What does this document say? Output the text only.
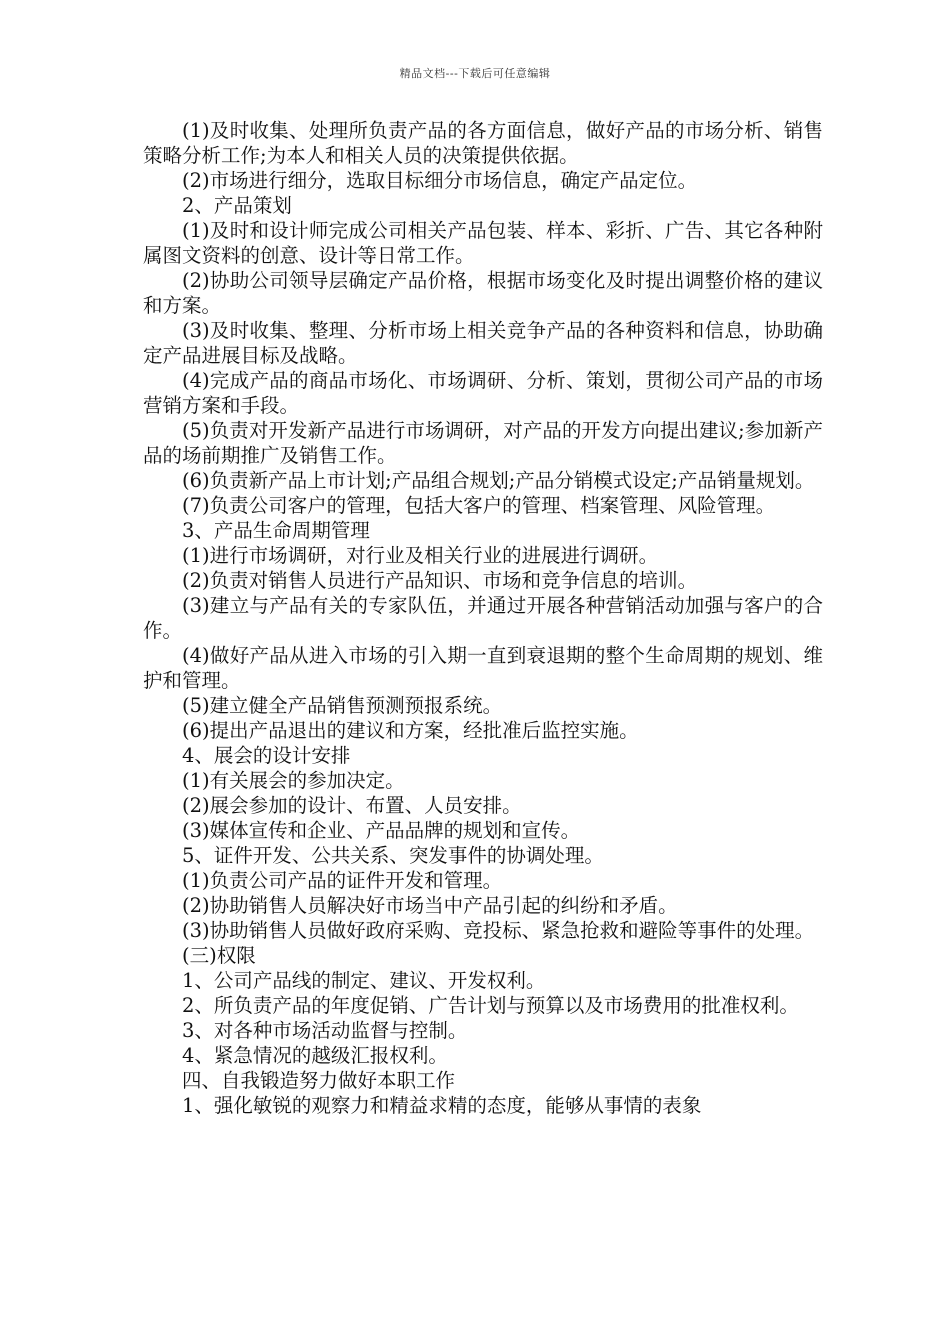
精品文档---下载后可任意编辑

(1)及时收集、处理所负责产品的各方面信息，做好产品的市场分析、销售策略分析工作;为本人和相关人员的决策提供依据。

(2)市场进行细分，选取目标细分市场信息，确定产品定位。

2、产品策划

(1)及时和设计师完成公司相关产品包装、样本、彩折、广告、其它各种附属图文资料的创意、设计等日常工作。

(2)协助公司领导层确定产品价格，根据市场变化及时提出调整价格的建议和方案。

(3)及时收集、整理、分析市场上相关竞争产品的各种资料和信息，协助确定产品进展目标及战略。

(4)完成产品的商品市场化、市场调研、分析、策划，贯彻公司产品的市场营销方案和手段。

(5)负责对开发新产品进行市场调研，对产品的开发方向提出建议;参加新产品的场前期推广及销售工作。

(6)负责新产品上市计划;产品组合规划;产品分销模式设定;产品销量规划。

(7)负责公司客户的管理，包括大客户的管理、档案管理、风险管理。

3、产品生命周期管理

(1)进行市场调研，对行业及相关行业的进展进行调研。

(2)负责对销售人员进行产品知识、市场和竞争信息的培训。

(3)建立与产品有关的专家队伍，并通过开展各种营销活动加强与客户的合作。

(4)做好产品从进入市场的引入期一直到衰退期的整个生命周期的规划、维护和管理。

(5)建立健全产品销售预测预报系统。

(6)提出产品退出的建议和方案，经批准后监控实施。

4、展会的设计安排

(1)有关展会的参加决定。

(2)展会参加的设计、布置、人员安排。

(3)媒体宣传和企业、产品品牌的规划和宣传。

5、证件开发、公共关系、突发事件的协调处理。

(1)负责公司产品的证件开发和管理。

(2)协助销售人员解决好市场当中产品引起的纠纷和矛盾。

(3)协助销售人员做好政府采购、竞投标、紧急抢救和避险等事件的处理。

(三)权限

1、公司产品线的制定、建议、开发权利。

2、所负责产品的年度促销、广告计划与预算以及市场费用的批准权利。

3、对各种市场活动监督与控制。

4、紧急情况的越级汇报权利。

四、自我锻造努力做好本职工作

1、强化敏锐的观察力和精益求精的态度，能够从事情的表象
